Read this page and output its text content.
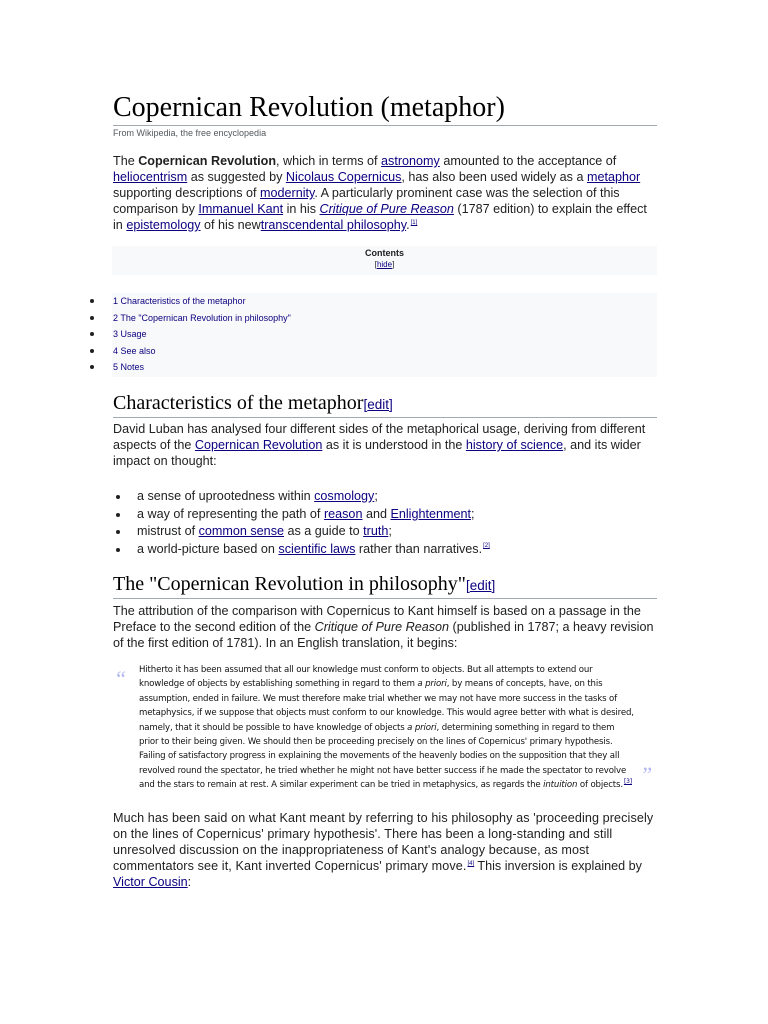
Copernican Revolution (metaphor)
From Wikipedia, the free encyclopedia

The Copernican Revolution, which in terms of astronomy amounted to the acceptance of heliocentrism as suggested by Nicolaus Copernicus, has also been used widely as a metaphor supporting descriptions of modernity. A particularly prominent case was the selection of this comparison by Immanuel Kant in his Critique of Pure Reason (1787 edition) to explain the effect in epistemology of his newtranscendental philosophy.[1]

Contents
[hide]
1 Characteristics of the metaphor
2 The "Copernican Revolution in philosophy"
3 Usage
4 See also
5 Notes
Characteristics of the metaphor[edit]

David Luban has analysed four different sides of the metaphorical usage, deriving from different aspects of the Copernican Revolution as it is understood in the history of science, and its wider impact on thought:

a sense of uprootedness within cosmology;
a way of representing the path of reason and Enlightenment;
mistrust of common sense as a guide to truth;
a world-picture based on scientific laws rather than narratives.[2]
The "Copernican Revolution in philosophy"[edit]

The attribution of the comparison with Copernicus to Kant himself is based on a passage in the Preface to the second edition of the Critique of Pure Reason (published in 1787; a heavy revision of the first edition of 1781). In an English translation, it begins:

“ Hitherto it has been assumed that all our knowledge must conform to objects. But all attempts to extend our knowledge of objects by establishing something in regard to them a priori, by means of concepts, have, on this assumption, ended in failure. We must therefore make trial whether we may not have more success in the tasks of metaphysics, if we suppose that objects must conform to our knowledge. This would agree better with what is desired, namely, that it should be possible to have knowledge of objects a priori, determining something in regard to them prior to their being given. We should then be proceeding precisely on the lines of Copernicus' primary hypothesis. Failing of satisfactory progress in explaining the movements of the heavenly bodies on the supposition that they all revolved round the spectator, he tried whether he might not have better success if he made the spectator to revolve and the stars to remain at rest. A similar experiment can be tried in metaphysics, as regards the intuition of objects.[3] ”

Much has been said on what Kant meant by referring to his philosophy as 'proceeding precisely on the lines of Copernicus' primary hypothesis'. There has been a long-standing and still unresolved discussion on the inappropriateness of Kant's analogy because, as most commentators see it, Kant inverted Copernicus' primary move.[4] This inversion is explained by Victor Cousin:
